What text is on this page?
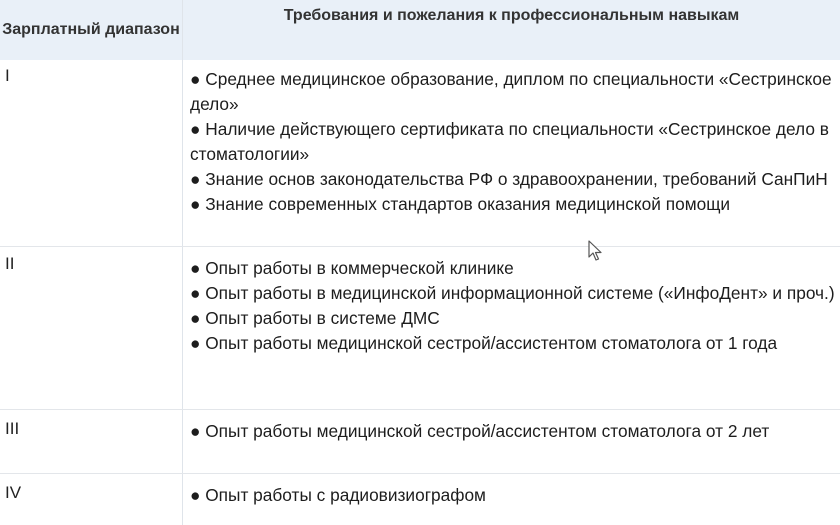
Зарплатный диапазон
Требования и пожелания к профессиональным навыкам
I	● Среднее медицинское образование, диплом по специальности «Сестринское дело»
● Наличие действующего сертификата по специальности «Сестринское дело в стоматологии»
● Знание основ законодательства РФ о здравоохранении, требований СанПиН
● Знание современных стандартов оказания медицинской помощи
II	● Опыт работы в коммерческой клинике
● Опыт работы в медицинской информационной системе («ИнфоДент» и проч.)
● Опыт работы в системе ДМС
● Опыт работы медицинской сестрой/ассистентом стоматолога от 1 года
III	● Опыт работы медицинской сестрой/ассистентом стоматолога от 2 лет
IV	● Опыт работы с радиовизиографом
